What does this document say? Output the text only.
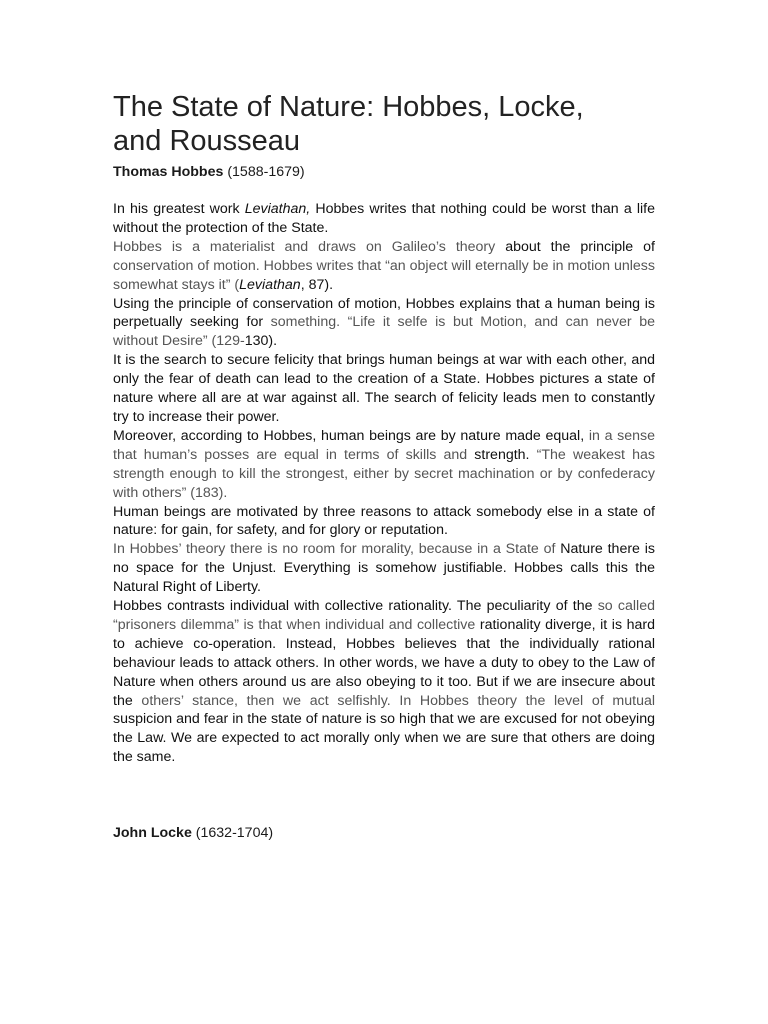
The State of Nature: Hobbes, Locke,
and Rousseau

Thomas Hobbes (1588-1679)

In his greatest work Leviathan, Hobbes writes that nothing could be worst than a life without the protection of the State.

Hobbes is a materialist and draws on Galileo’s theory about the principle of conservation of motion. Hobbes writes that “an object will eternally be in motion unless somewhat stays it” (Leviathan, 87).

Using the principle of conservation of motion, Hobbes explains that a human being is perpetually seeking for something. “Life it selfe is but Motion, and can never be without Desire” (129-130).

It is the search to secure felicity that brings human beings at war with each other, and only the fear of death can lead to the creation of a State. Hobbes pictures a state of nature where all are at war against all. The search of felicity leads men to constantly try to increase their power.

Moreover, according to Hobbes, human beings are by nature made equal, in a sense that human’s posses are equal in terms of skills and strength. “The weakest has strength enough to kill the strongest, either by secret machination or by confederacy with others” (183).

Human beings are motivated by three reasons to attack somebody else in a state of nature: for gain, for safety, and for glory or reputation.

In Hobbes’ theory there is no room for morality, because in a State of Nature there is no space for the Unjust. Everything is somehow justifiable. Hobbes calls this the Natural Right of Liberty.

Hobbes contrasts individual with collective rationality. The peculiarity of the so called “prisoners dilemma” is that when individual and collective rationality diverge, it is hard to achieve co-operation. Instead, Hobbes believes that the individually rational behaviour leads to attack others. In other words, we have a duty to obey to the Law of Nature when others around us are also obeying to it too. But if we are insecure about the others’ stance, then we act selfishly. In Hobbes theory the level of mutual suspicion and fear in the state of nature is so high that we are excused for not obeying the Law. We are expected to act morally only when we are sure that others are doing the same.

John Locke (1632-1704)
